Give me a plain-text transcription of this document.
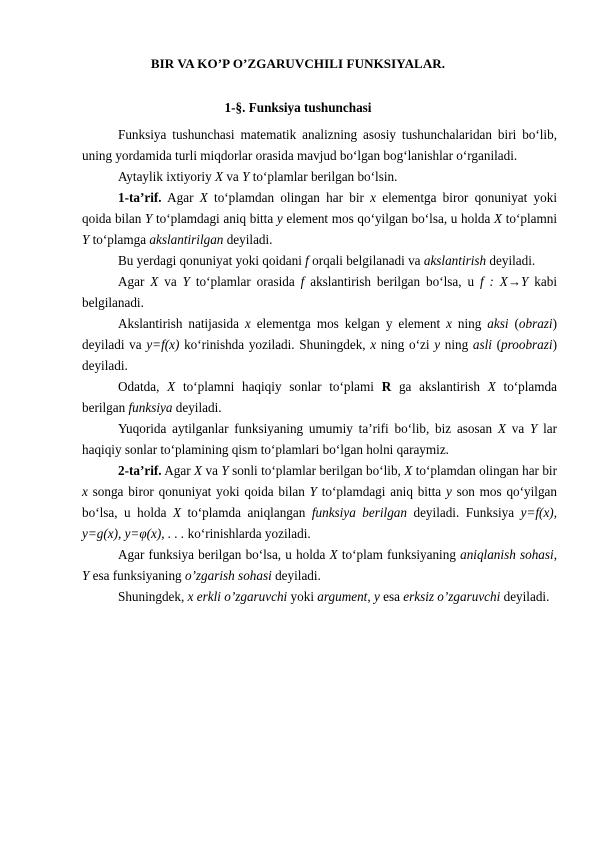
BIR VA KO’P O’ZGARUVCHILI FUNKSIYALAR.
1-§. Funksiya tushunchasi

Funksiya tushunchasi matematik analizning asosiy tushunchalaridan biri bo‘lib, uning yordamida turli miqdorlar orasida mavjud bo‘lgan bog‘lanishlar o‘rganiladi.

Aytaylik ixtiyoriy X va Y to‘plamlar berilgan bo‘lsin.

1-ta’rif. Agar X to‘plamdan olingan har bir x elementga biror qonuniyat yoki qoida bilan Y to‘plamdagi aniq bitta y element mos qo‘yilgan bo‘lsa, u holda X to‘plamni Y to‘plamga akslantirilgan deyiladi.

Bu yerdagi qonuniyat yoki qoidani f orqali belgilanadi va akslantirish deyiladi.

Agar X va Y to‘plamlar orasida f akslantirish berilgan bo‘lsa, u f : X→Y kabi belgilanadi.

Akslantirish natijasida x elementga mos kelgan y element x ning aksi (obrazi) deyiladi va y=f(x) ko‘rinishda yoziladi. Shuningdek, x ning o‘zi y ning asli (proobrazi) deyiladi.

Odatda, X to‘plamni haqiqiy sonlar to‘plami R ga akslantirish X to‘plamda berilgan funksiya deyiladi.

Yuqorida aytilganlar funksiyaning umumiy ta’rifi bo‘lib, biz asosan X va Y lar haqiqiy sonlar to‘plamining qism to‘plamlari bo‘lgan holni qaraymiz.

2-ta’rif. Agar X va Y sonli to‘plamlar berilgan bo‘lib, X to‘plamdan olingan har bir x songa biror qonuniyat yoki qoida bilan Y to‘plamdagi aniq bitta y son mos qo‘yilgan bo‘lsa, u holda X to‘plamda aniqlangan funksiya berilgan deyiladi. Funksiya y=f(x), y=g(x), y=φ(x), . . . ko‘rinishlarda yoziladi.

Agar funksiya berilgan bo‘lsa, u holda X to‘plam funksiyaning aniqlanish sohasi, Y esa funksiyaning o’zgarish sohasi deyiladi.

Shuningdek, x erkli o’zgaruvchi yoki argument, y esa erksiz o’zgaruvchi deyiladi.
